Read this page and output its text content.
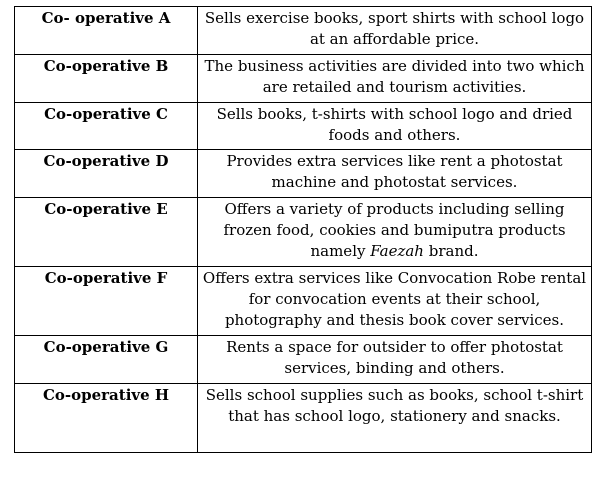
Co- operative A	Sells exercise books, sport shirts with school logo at an affordable price.
Co-operative B	The business activities are divided into two which are retailed and tourism activities.
Co-operative C	Sells books, t-shirts with school logo and dried foods and others.
Co-operative D	Provides extra services like rent a photostat machine and photostat services.
Co-operative E	Offers a variety of products including selling frozen food, cookies and bumiputra products namely Faezah brand.
Co-operative F	Offers extra services like Convocation Robe rental for convocation events at their school, photography and thesis book cover services.
Co-operative G	Rents a space for outsider to offer photostat services, binding and others.
Co-operative H	Sells school supplies such as books, school t-shirt that has school logo, stationery and snacks.
